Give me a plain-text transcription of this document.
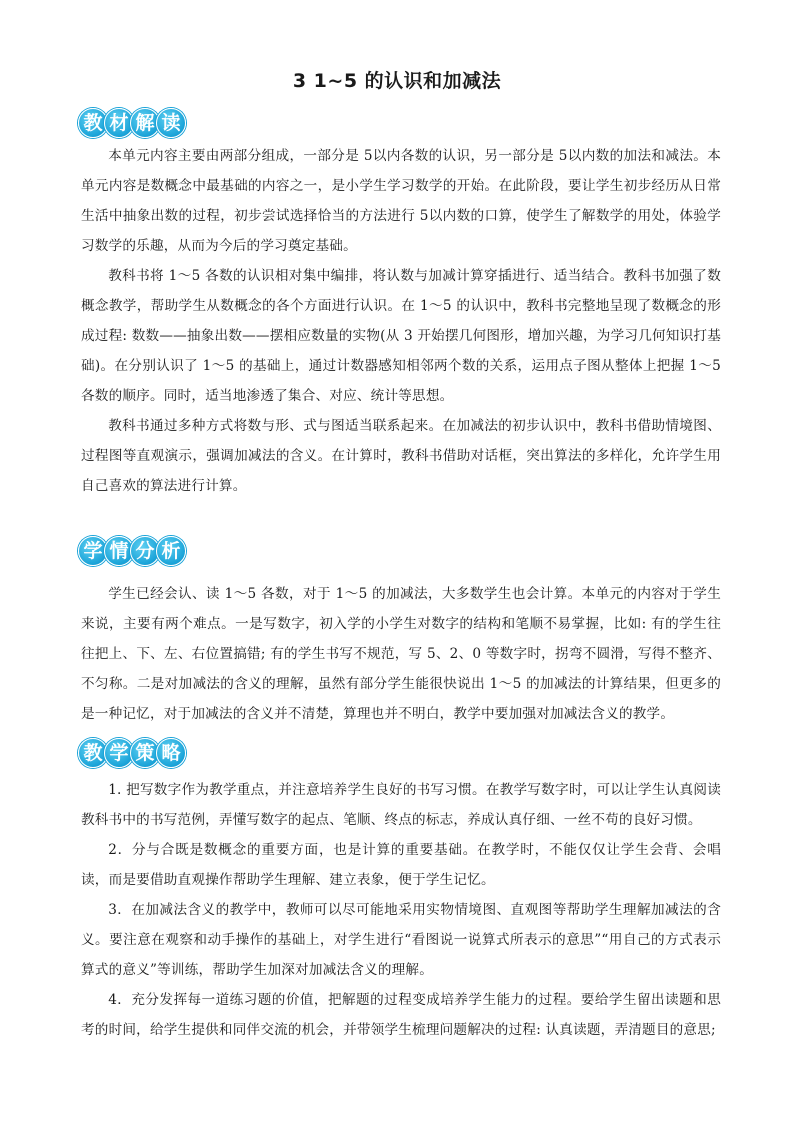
3 1~5 的认识和加减法
教 材 解 读

本单元内容主要由两部分组成，一部分是 5以内各数的认识，另一部分是 5以内数的加法和减法。本单元内容是数概念中最基础的内容之一，是小学生学习数学的开始。在此阶段，要让学生初步经历从日常生活中抽象出数的过程，初步尝试选择恰当的方法进行 5以内数的口算，使学生了解数学的用处，体验学习数学的乐趣，从而为今后的学习奠定基础。

教科书将 1～5 各数的认识相对集中编排，将认数与加减计算穿插进行、适当结合。教科书加强了数概念教学，帮助学生从数概念的各个方面进行认识。在 1～5 的认识中，教科书完整地呈现了数概念的形成过程: 数数——抽象出数——摆相应数量的实物(从 3 开始摆几何图形，增加兴趣，为学习几何知识打基础)。在分别认识了 1～5 的基础上，通过计数器感知相邻两个数的关系，运用点子图从整体上把握 1～5 各数的顺序。同时，适当地渗透了集合、对应、统计等思想。

教科书通过多种方式将数与形、式与图适当联系起来。在加减法的初步认识中，教科书借助情境图、过程图等直观演示，强调加减法的含义。在计算时，教科书借助对话框，突出算法的多样化，允许学生用自己喜欢的算法进行计算。

学 情 分 析

学生已经会认、读 1～5 各数，对于 1～5 的加减法，大多数学生也会计算。本单元的内容对于学生来说，主要有两个难点。一是写数字，初入学的小学生对数字的结构和笔顺不易掌握，比如: 有的学生往往把上、下、左、右位置搞错; 有的学生书写不规范，写 5、2、0 等数字时，拐弯不圆滑，写得不整齐、不匀称。二是对加减法的含义的理解，虽然有部分学生能很快说出 1～5 的加减法的计算结果，但更多的是一种记忆，对于加减法的含义并不清楚，算理也并不明白，教学中要加强对加减法含义的教学。

教 学 策 略

1. 把写数字作为教学重点，并注意培养学生良好的书写习惯。在教学写数字时，可以让学生认真阅读教科书中的书写范例，弄懂写数字的起点、笔顺、终点的标志，养成认真仔细、一丝不苟的良好习惯。

2．分与合既是数概念的重要方面，也是计算的重要基础。在教学时，不能仅仅让学生会背、会唱读，而是要借助直观操作帮助学生理解、建立表象，便于学生记忆。

3．在加减法含义的教学中，教师可以尽可能地采用实物情境图、直观图等帮助学生理解加减法的含义。要注意在观察和动手操作的基础上，对学生进行“看图说一说算式所表示的意思”“用自己的方式表示算式的意义”等训练，帮助学生加深对加减法含义的理解。

4．充分发挥每一道练习题的价值，把解题的过程变成培养学生能力的过程。要给学生留出读题和思考的时间，给学生提供和同伴交流的机会，并带领学生梳理问题解决的过程: 认真读题，弄清题目的意思;
